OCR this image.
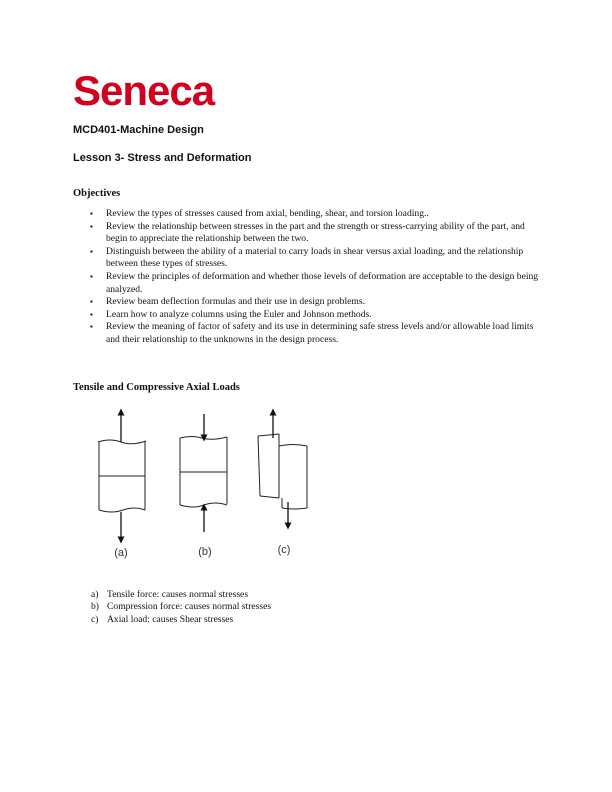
Seneca
MCD401-Machine Design
Lesson 3- Stress and Deformation
Objectives
▪ Review the types of stresses caused from axial, bending, shear, and torsion loading..
▪ Review the relationship between stresses in the part and the strength or stress-carrying ability of the part, and begin to appreciate the relationship between the two.
▪ Distinguish between the ability of a material to carry loads in shear versus axial loading, and the relationship between these types of stresses.
▪ Review the principles of deformation and whether those levels of deformation are acceptable to the design being analyzed.
▪ Review beam deflection formulas and their use in design problems.
▪ Learn how to analyze columns using the Euler and Johnson methods.
▪ Review the meaning of factor of safety and its use in determining safe stress levels and/or allowable load limits and their relationship to the unknowns in the design process.
Tensile and Compressive Axial Loads
(a)	(b)	(c)
a) Tensile force: causes normal stresses
b) Compression force: causes normal stresses
c) Axial load: causes Shear stresses
